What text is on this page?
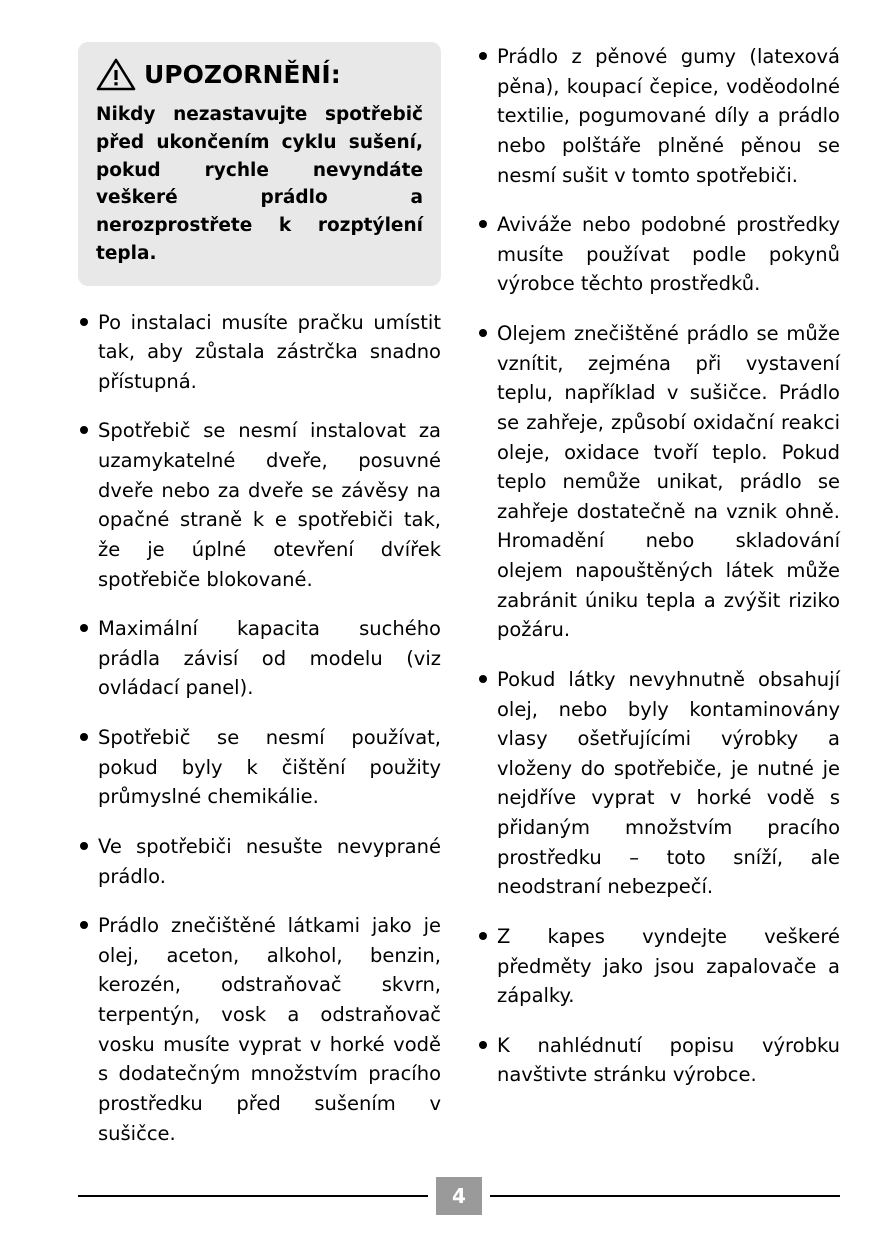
UPOZORNĚNÍ:
Nikdy nezastavujte spotřebič před ukončením cyklu sušení, pokud rychle nevyndáte veškeré prádlo a nerozprostřete k rozptýlení tepla.
Po instalaci musíte pračku umístit tak, aby zůstala zástrčka snadno přístupná.
Spotřebič se nesmí instalovat za uzamykatelné dveře, posuvné dveře nebo za dveře se závěsy na opačné straně k e spotřebiči tak, že je úplné otevření dvířek spotřebiče blokované.
Maximální kapacita suchého prádla závisí od modelu (viz ovládací panel).
Spotřebič se nesmí používat, pokud byly k čištění použity průmyslné chemikálie.
Ve spotřebiči nesušte nevyprané prádlo.
Prádlo znečištěné látkami jako je olej, aceton, alkohol, benzin, kerozén, odstraňovač skvrn, terpentýn, vosk a odstraňovač vosku musíte vyprat v horké vodě s dodatečným množstvím pracího prostředku před sušením v sušičce.
Prádlo z pěnové gumy (latexová pěna), koupací čepice, voděodolné textilie, pogumované díly a prádlo nebo polštáře plněné pěnou se nesmí sušit v tomto spotřebiči.
Aviváže nebo podobné prostředky musíte používat podle pokynů výrobce těchto prostředků.
Olejem znečištěné prádlo se může vznítit, zejména při vystavení teplu, například v sušičce. Prádlo se zahřeje, způsobí oxidační reakci oleje, oxidace tvoří teplo. Pokud teplo nemůže unikat, prádlo se zahřeje dostatečně na vznik ohně. Hromadění nebo skladování olejem napouštěných látek může zabránit úniku tepla a zvýšit riziko požáru.
Pokud látky nevyhnutně obsahují olej, nebo byly kontaminovány vlasy ošetřujícími výrobky a vloženy do spotřebiče, je nutné je nejdříve vyprat v horké vodě s přidaným množstvím pracího prostředku – toto sníží, ale neodstraní nebezpečí.
Z kapes vyndejte veškeré předměty jako jsou zapalovače a zápalky.
K nahlédnutí popisu výrobku navštivte stránku výrobce.
4
